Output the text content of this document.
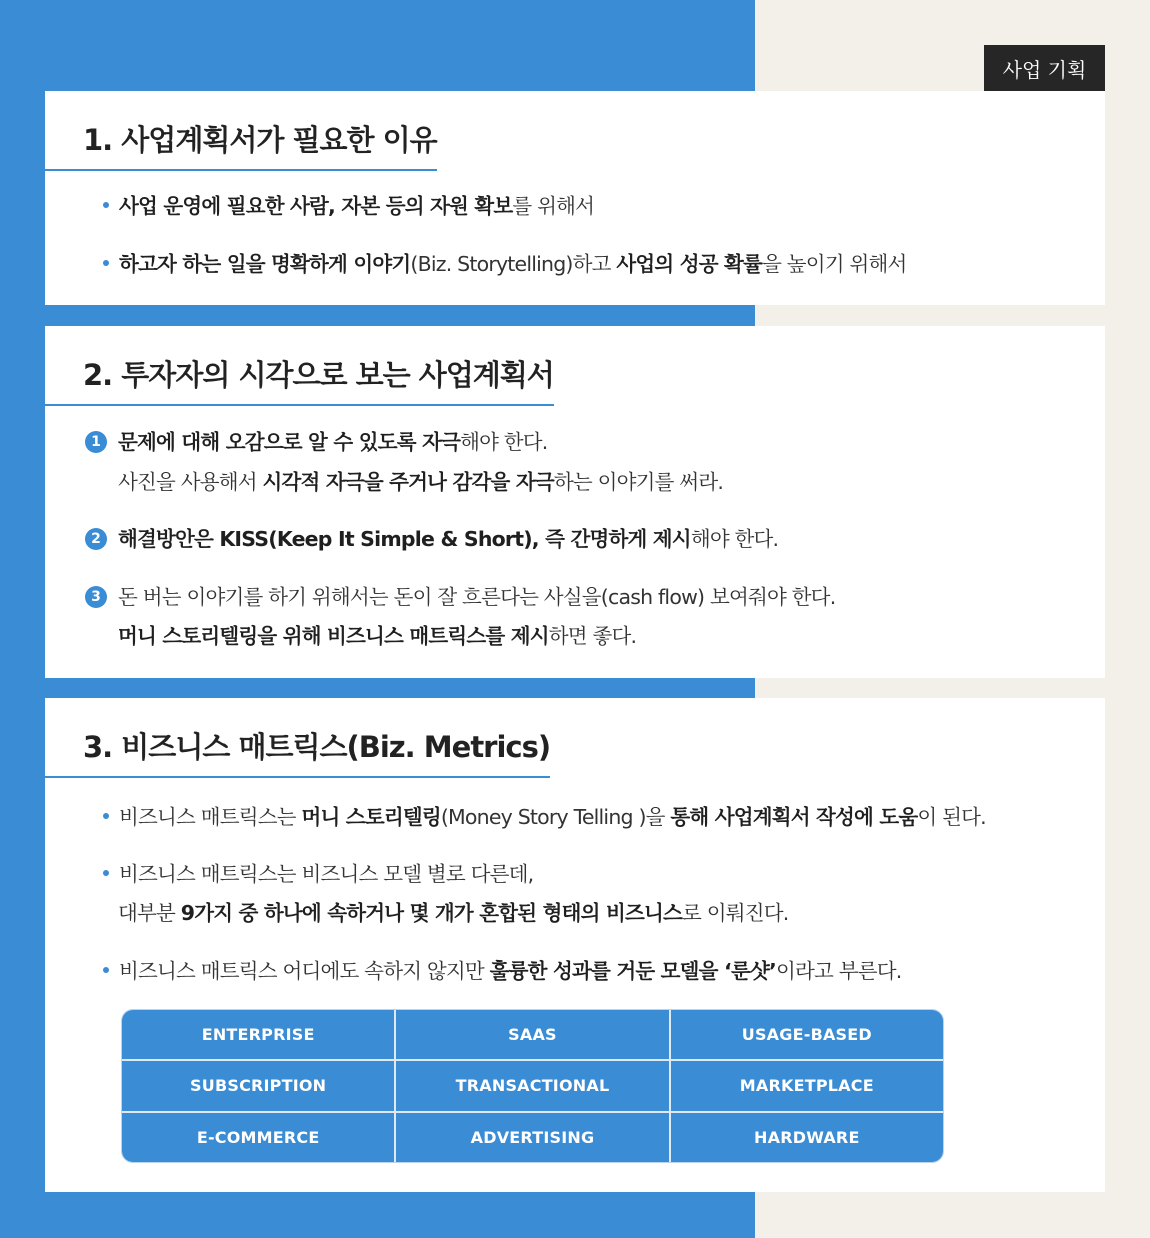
사업 기획
1. 사업계획서가 필요한 이유
사업 운영에 필요한 사람, 자본 등의 자원 확보를 위해서
하고자 하는 일을 명확하게 이야기(Biz. Storytelling)하고 사업의 성공 확률을 높이기 위해서
2. 투자자의 시각으로 보는 사업계획서
1 문제에 대해 오감으로 알 수 있도록 자극해야 한다.
사진을 사용해서 시각적 자극을 주거나 감각을 자극하는 이야기를 써라.
2 해결방안은 KISS(Keep It Simple & Short), 즉 간명하게 제시해야 한다.
3 돈 버는 이야기를 하기 위해서는 돈이 잘 흐른다는 사실을(cash flow) 보여줘야 한다.
머니 스토리텔링을 위해 비즈니스 매트릭스를 제시하면 좋다.
3. 비즈니스 매트릭스(Biz. Metrics)
비즈니스 매트릭스는 머니 스토리텔링(Money Story Telling )을 통해 사업계획서 작성에 도움이 된다.
비즈니스 매트릭스는 비즈니스 모델 별로 다른데,
대부분 9가지 중 하나에 속하거나 몇 개가 혼합된 형태의 비즈니스로 이뤄진다.
비즈니스 매트릭스 어디에도 속하지 않지만 훌륭한 성과를 거둔 모델을 ‘룬샷’이라고 부른다.
ENTERPRISE	SAAS	USAGE-BASED
SUBSCRIPTION	TRANSACTIONAL	MARKETPLACE
E-COMMERCE	ADVERTISING	HARDWARE
